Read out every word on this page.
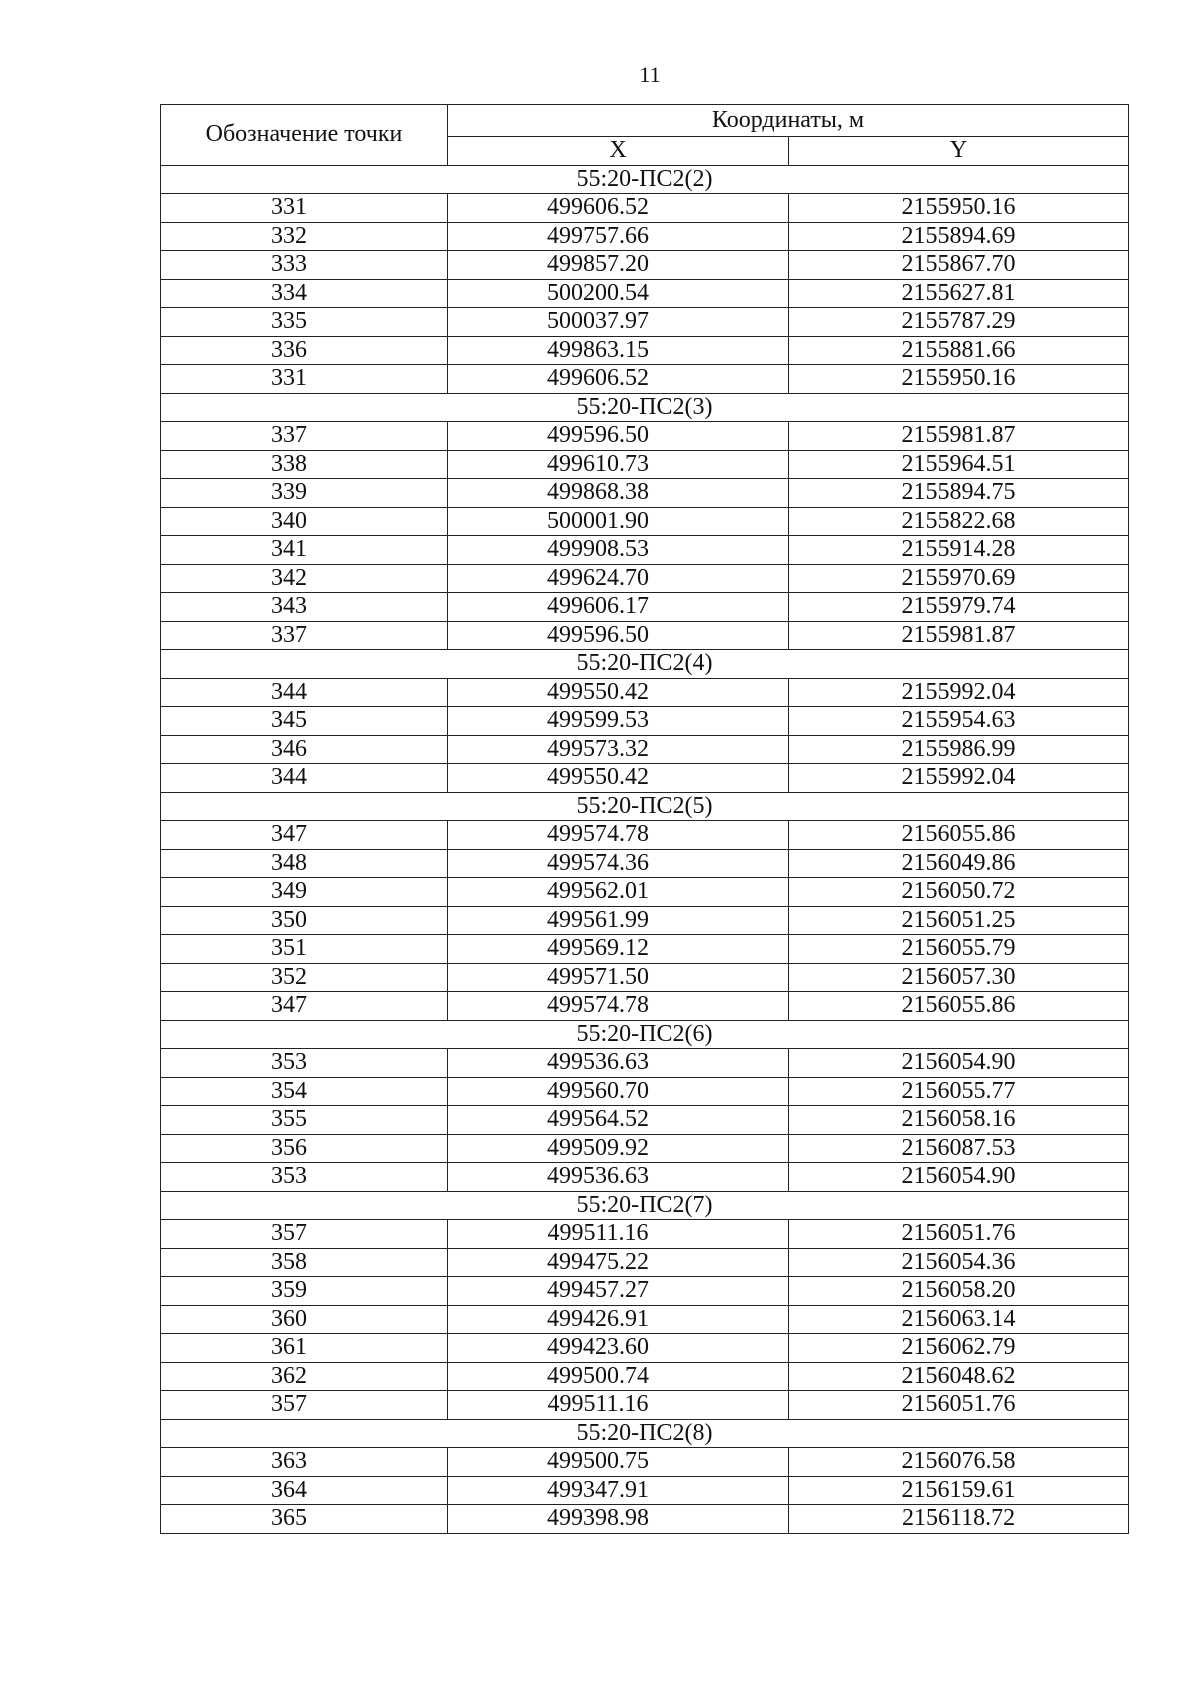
11
Обозначение точки	Координаты, м	
	X	Y
55:20-ПС2(2)		
331	499606.52	2155950.16
332	499757.66	2155894.69
333	499857.20	2155867.70
334	500200.54	2155627.81
335	500037.97	2155787.29
336	499863.15	2155881.66
331	499606.52	2155950.16
55:20-ПС2(3)		
337	499596.50	2155981.87
338	499610.73	2155964.51
339	499868.38	2155894.75
340	500001.90	2155822.68
341	499908.53	2155914.28
342	499624.70	2155970.69
343	499606.17	2155979.74
337	499596.50	2155981.87
55:20-ПС2(4)		
344	499550.42	2155992.04
345	499599.53	2155954.63
346	499573.32	2155986.99
344	499550.42	2155992.04
55:20-ПС2(5)		
347	499574.78	2156055.86
348	499574.36	2156049.86
349	499562.01	2156050.72
350	499561.99	2156051.25
351	499569.12	2156055.79
352	499571.50	2156057.30
347	499574.78	2156055.86
55:20-ПС2(6)		
353	499536.63	2156054.90
354	499560.70	2156055.77
355	499564.52	2156058.16
356	499509.92	2156087.53
353	499536.63	2156054.90
55:20-ПС2(7)		
357	499511.16	2156051.76
358	499475.22	2156054.36
359	499457.27	2156058.20
360	499426.91	2156063.14
361	499423.60	2156062.79
362	499500.74	2156048.62
357	499511.16	2156051.76
55:20-ПС2(8)		
363	499500.75	2156076.58
364	499347.91	2156159.61
365	499398.98	2156118.72
